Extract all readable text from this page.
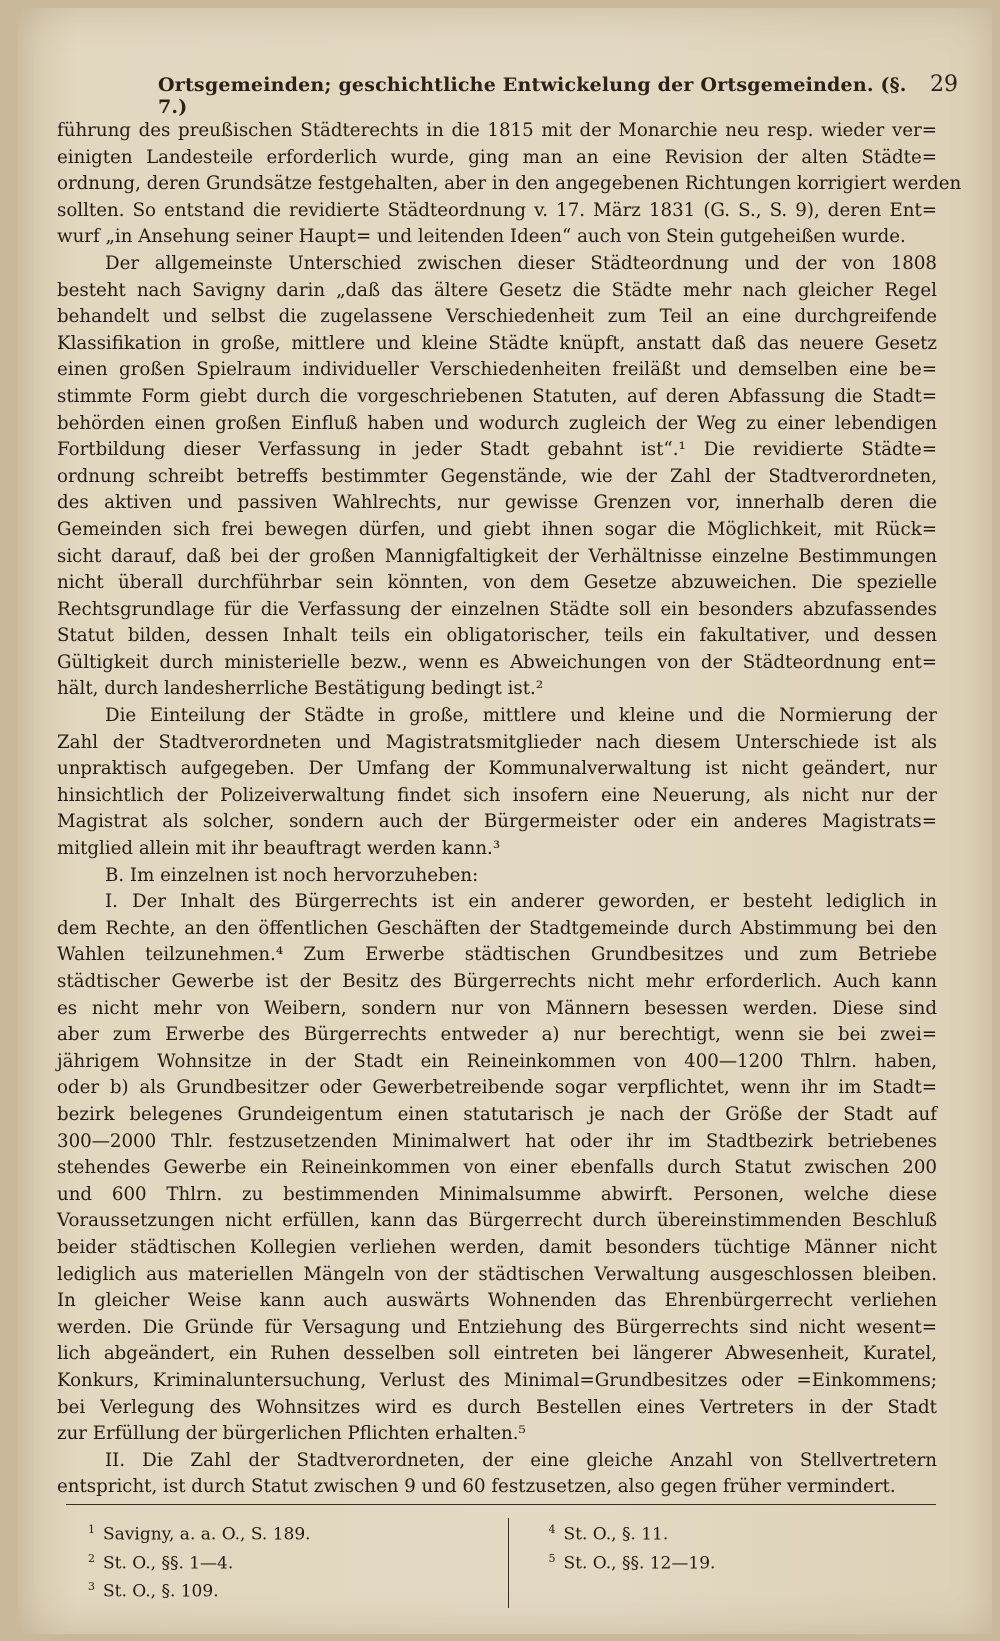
Ortsgemeinden; geschichtliche Entwickelung der Ortsgemeinden. (§. 7.)
29

führung des preußischen Städterechts in die 1815 mit der Monarchie neu resp. wieder ver=
einigten Landesteile erforderlich wurde, ging man an eine Revision der alten Städte=
ordnung, deren Grundsätze festgehalten, aber in den angegebenen Richtungen korrigiert werden
sollten. So entstand die revidierte Städteordnung v. 17. März 1831 (G. S., S. 9), deren Ent=
wurf „in Ansehung seiner Haupt= und leitenden Ideen“ auch von Stein gutgeheißen wurde.

Der allgemeinste Unterschied zwischen dieser Städteordnung und der von 1808
besteht nach Savigny darin „daß das ältere Gesetz die Städte mehr nach gleicher Regel
behandelt und selbst die zugelassene Verschiedenheit zum Teil an eine durchgreifende
Klassifikation in große, mittlere und kleine Städte knüpft, anstatt daß das neuere Gesetz
einen großen Spielraum individueller Verschiedenheiten freiläßt und demselben eine be=
stimmte Form giebt durch die vorgeschriebenen Statuten, auf deren Abfassung die Stadt=
behörden einen großen Einfluß haben und wodurch zugleich der Weg zu einer lebendigen
Fortbildung dieser Verfassung in jeder Stadt gebahnt ist“.¹ Die revidierte Städte=
ordnung schreibt betreffs bestimmter Gegenstände, wie der Zahl der Stadtverordneten,
des aktiven und passiven Wahlrechts, nur gewisse Grenzen vor, innerhalb deren die
Gemeinden sich frei bewegen dürfen, und giebt ihnen sogar die Möglichkeit, mit Rück=
sicht darauf, daß bei der großen Mannigfaltigkeit der Verhältnisse einzelne Bestimmungen
nicht überall durchführbar sein könnten, von dem Gesetze abzuweichen. Die spezielle
Rechtsgrundlage für die Verfassung der einzelnen Städte soll ein besonders abzufassendes
Statut bilden, dessen Inhalt teils ein obligatorischer, teils ein fakultativer, und dessen
Gültigkeit durch ministerielle bezw., wenn es Abweichungen von der Städteordnung ent=
hält, durch landesherrliche Bestätigung bedingt ist.²

Die Einteilung der Städte in große, mittlere und kleine und die Normierung der
Zahl der Stadtverordneten und Magistratsmitglieder nach diesem Unterschiede ist als
unpraktisch aufgegeben. Der Umfang der Kommunalverwaltung ist nicht geändert, nur
hinsichtlich der Polizeiverwaltung findet sich insofern eine Neuerung, als nicht nur der
Magistrat als solcher, sondern auch der Bürgermeister oder ein anderes Magistrats=
mitglied allein mit ihr beauftragt werden kann.³

B. Im einzelnen ist noch hervorzuheben:

I. Der Inhalt des Bürgerrechts ist ein anderer geworden, er besteht lediglich in
dem Rechte, an den öffentlichen Geschäften der Stadtgemeinde durch Abstimmung bei den
Wahlen teilzunehmen.⁴ Zum Erwerbe städtischen Grundbesitzes und zum Betriebe
städtischer Gewerbe ist der Besitz des Bürgerrechts nicht mehr erforderlich. Auch kann
es nicht mehr von Weibern, sondern nur von Männern besessen werden. Diese sind
aber zum Erwerbe des Bürgerrechts entweder a) nur berechtigt, wenn sie bei zwei=
jährigem Wohnsitze in der Stadt ein Reineinkommen von 400—1200 Thlrn. haben,
oder b) als Grundbesitzer oder Gewerbetreibende sogar verpflichtet, wenn ihr im Stadt=
bezirk belegenes Grundeigentum einen statutarisch je nach der Größe der Stadt auf
300—2000 Thlr. festzusetzenden Minimalwert hat oder ihr im Stadtbezirk betriebenes
stehendes Gewerbe ein Reineinkommen von einer ebenfalls durch Statut zwischen 200
und 600 Thlrn. zu bestimmenden Minimalsumme abwirft. Personen, welche diese
Voraussetzungen nicht erfüllen, kann das Bürgerrecht durch übereinstimmenden Beschluß
beider städtischen Kollegien verliehen werden, damit besonders tüchtige Männer nicht
lediglich aus materiellen Mängeln von der städtischen Verwaltung ausgeschlossen bleiben.
In gleicher Weise kann auch auswärts Wohnenden das Ehrenbürgerrecht verliehen
werden. Die Gründe für Versagung und Entziehung des Bürgerrechts sind nicht wesent=
lich abgeändert, ein Ruhen desselben soll eintreten bei längerer Abwesenheit, Kuratel,
Konkurs, Kriminaluntersuchung, Verlust des Minimal=Grundbesitzes oder =Einkommens;
bei Verlegung des Wohnsitzes wird es durch Bestellen eines Vertreters in der Stadt
zur Erfüllung der bürgerlichen Pflichten erhalten.⁵

II. Die Zahl der Stadtverordneten, der eine gleiche Anzahl von Stellvertretern
entspricht, ist durch Statut zwischen 9 und 60 festzusetzen, also gegen früher vermindert.

$^1$ Savigny, a. a. O., S. 189.
$^2$ St. O., §§. 1—4.
$^3$ St. O., §. 109.
$^4$ St. O., §. 11.
$^5$ St. O., §§. 12—19.
